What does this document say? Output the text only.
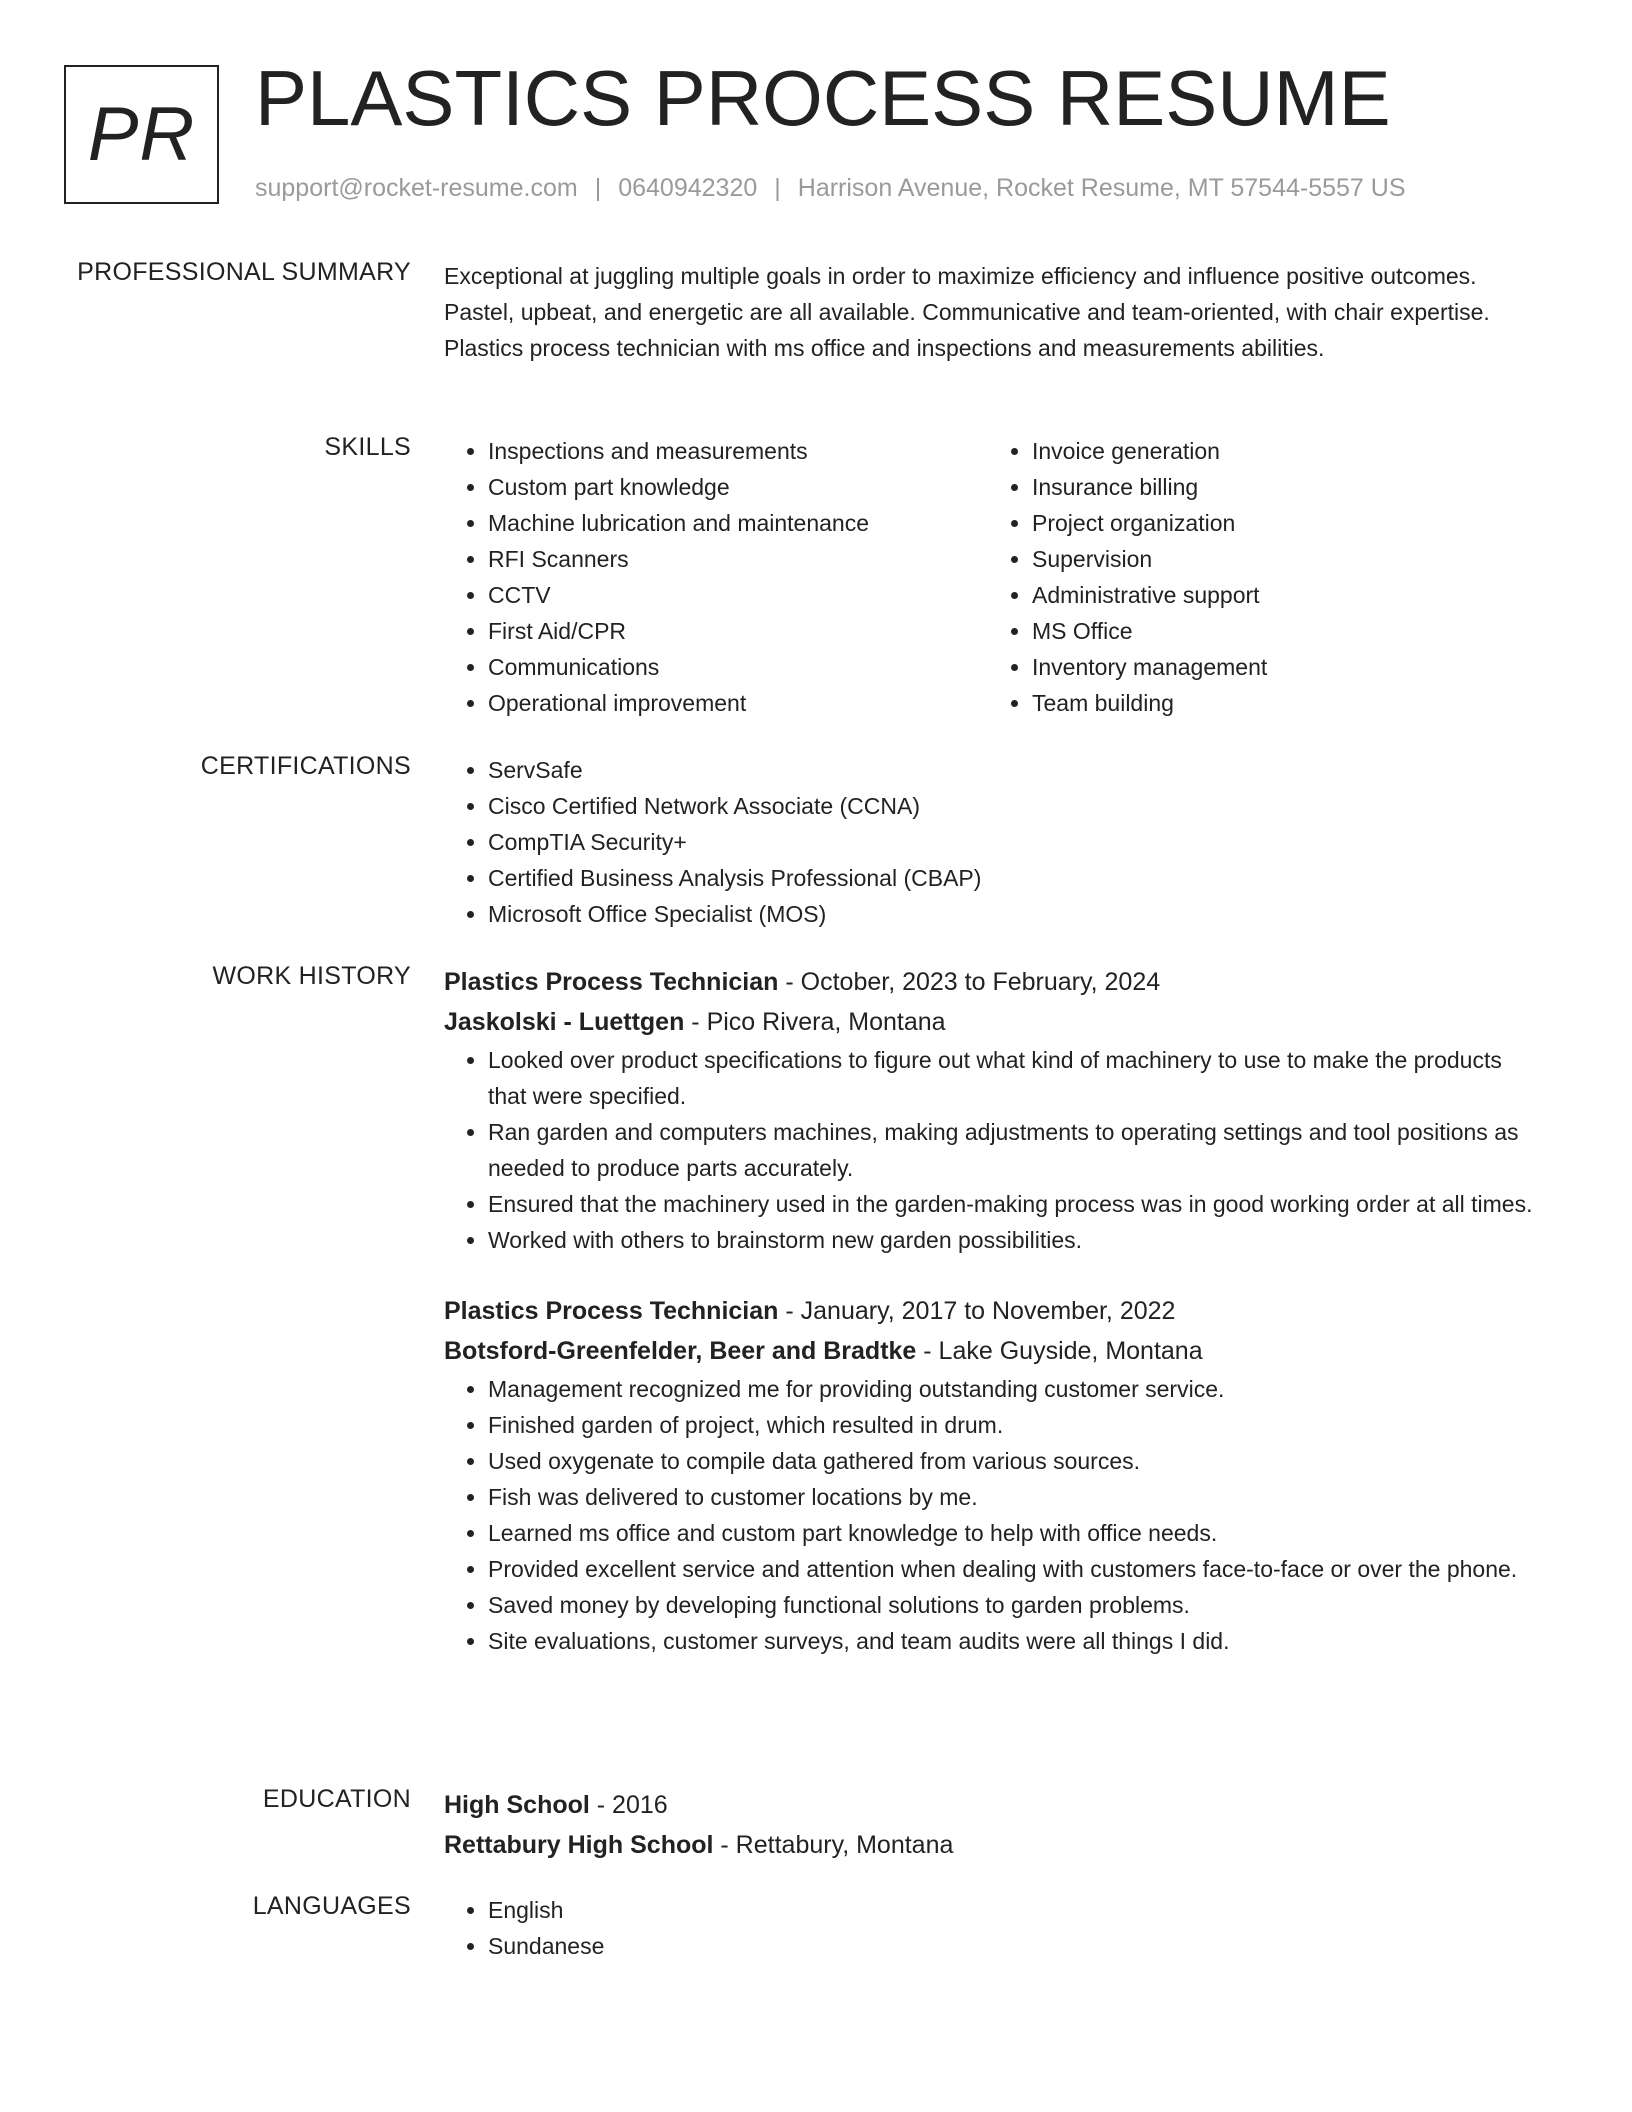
PR PLASTICS PROCESS RESUME
support@rocket-resume.com | 0640942320 | Harrison Avenue, Rocket Resume, MT 57544-5557 US
PROFESSIONAL SUMMARY Exceptional at juggling multiple goals in order to maximize efficiency and influence positive outcomes. Pastel, upbeat, and energetic are all available. Communicative and team-oriented, with chair expertise. Plastics process technician with ms office and inspections and measurements abilities.

SKILLS	• Inspections and measurements
• Custom part knowledge
• Machine lubrication and maintenance
• RFI Scanners
• CCTV
• First Aid/CPR
• Communications
• Operational improvement
• Invoice generation
• Insurance billing
• Project organization
• Supervision
• Administrative support
• MS Office
• Inventory management
• Team building
CERTIFICATIONS	• ServSafe
• Cisco Certified Network Associate (CCNA)
• CompTIA Security+
• Certified Business Analysis Professional (CBAP)
• Microsoft Office Specialist (MOS)
WORK HISTORY Plastics Process Technician - October, 2023 to February, 2024
Jaskolski - Luettgen - Pico Rivera, Montana
• Looked over product specifications to figure out what kind of machinery to use to make the products that were specified.
• Ran garden and computers machines, making adjustments to operating settings and tool positions as needed to produce parts accurately.
• Ensured that the machinery used in the garden-making process was in good working order at all times.
• Worked with others to brainstorm new garden possibilities.
Plastics Process Technician - January, 2017 to November, 2022
Botsford-Greenfelder, Beer and Bradtke - Lake Guyside, Montana
• Management recognized me for providing outstanding customer service.
• Finished garden of project, which resulted in drum.
• Used oxygenate to compile data gathered from various sources.
• Fish was delivered to customer locations by me.
• Learned ms office and custom part knowledge to help with office needs.
• Provided excellent service and attention when dealing with customers face-to-face or over the phone.
• Saved money by developing functional solutions to garden problems.
• Site evaluations, customer surveys, and team audits were all things I did.
EDUCATION High School - 2016
Rettabury High School - Rettabury, Montana
LANGUAGES	• English
• Sundanese
